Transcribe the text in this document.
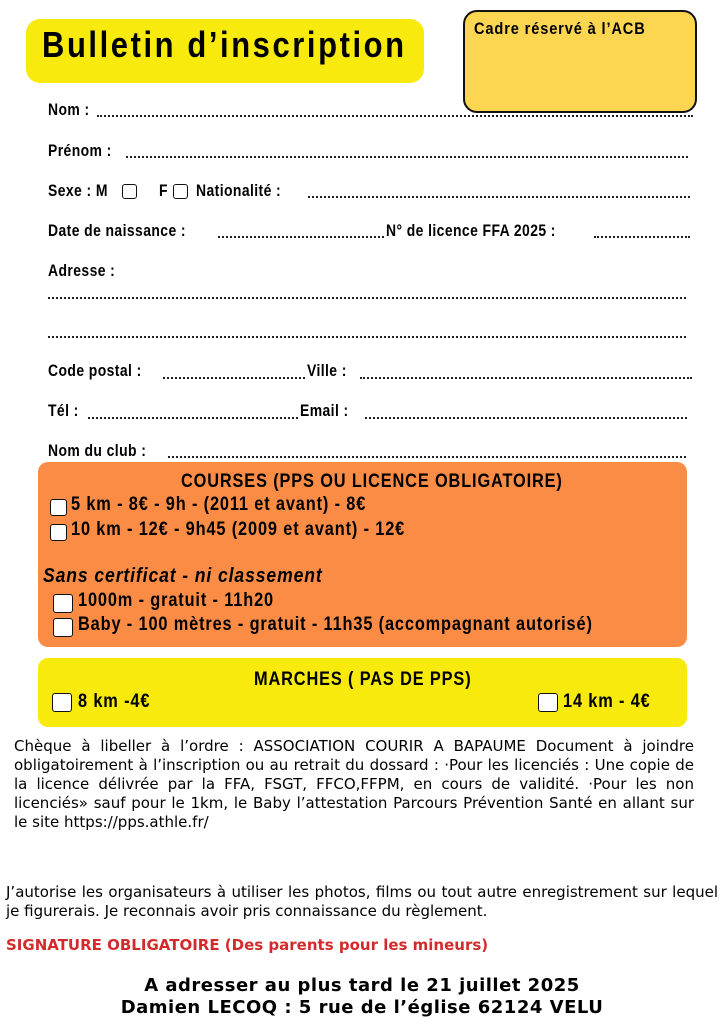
Bulletin d’inscription	Cadre réservé à l’ACB
Nom :
Prénom :
Sexe : M	F Nationalité :
Date de naissance :	N° de licence FFA 2025 :
Adresse :
Code postal :	Ville :
Tél :	Email :
Nom du club :
COURSES (PPS OU LICENCE OBLIGATOIRE)
5 km - 8€ - 9h - (2011 et avant) - 8€
10 km - 12€ - 9h45 (2009 et avant) - 12€
Sans certificat - ni classement
1000m - gratuit - 11h20
Baby - 100 mètres - gratuit - 11h35 (accompagnant autorisé)
MARCHES ( PAS DE PPS)
8 km -4€	14 km - 4€
Chèque à libeller à l’ordre : ASSOCIATION COURIR A BAPAUME Document à joindre obligatoirement à l’inscription ou au retrait du dossard : ·Pour les licenciés : Une copie de la licence délivrée par la FFA, FSGT, FFCO,FFPM, en cours de validité. ·Pour les non licenciés» sauf pour le 1km, le Baby l’attestation Parcours Prévention Santé en allant sur le site https://pps.athle.fr/
J’autorise les organisateurs à utiliser les photos, films ou tout autre enregistrement sur lequel je figurerais. Je reconnais avoir pris connaissance du règlement.
SIGNATURE OBLIGATOIRE (Des parents pour les mineurs)
A adresser au plus tard le 21 juillet 2025
Damien LECOQ : 5 rue de l’église 62124 VELU
